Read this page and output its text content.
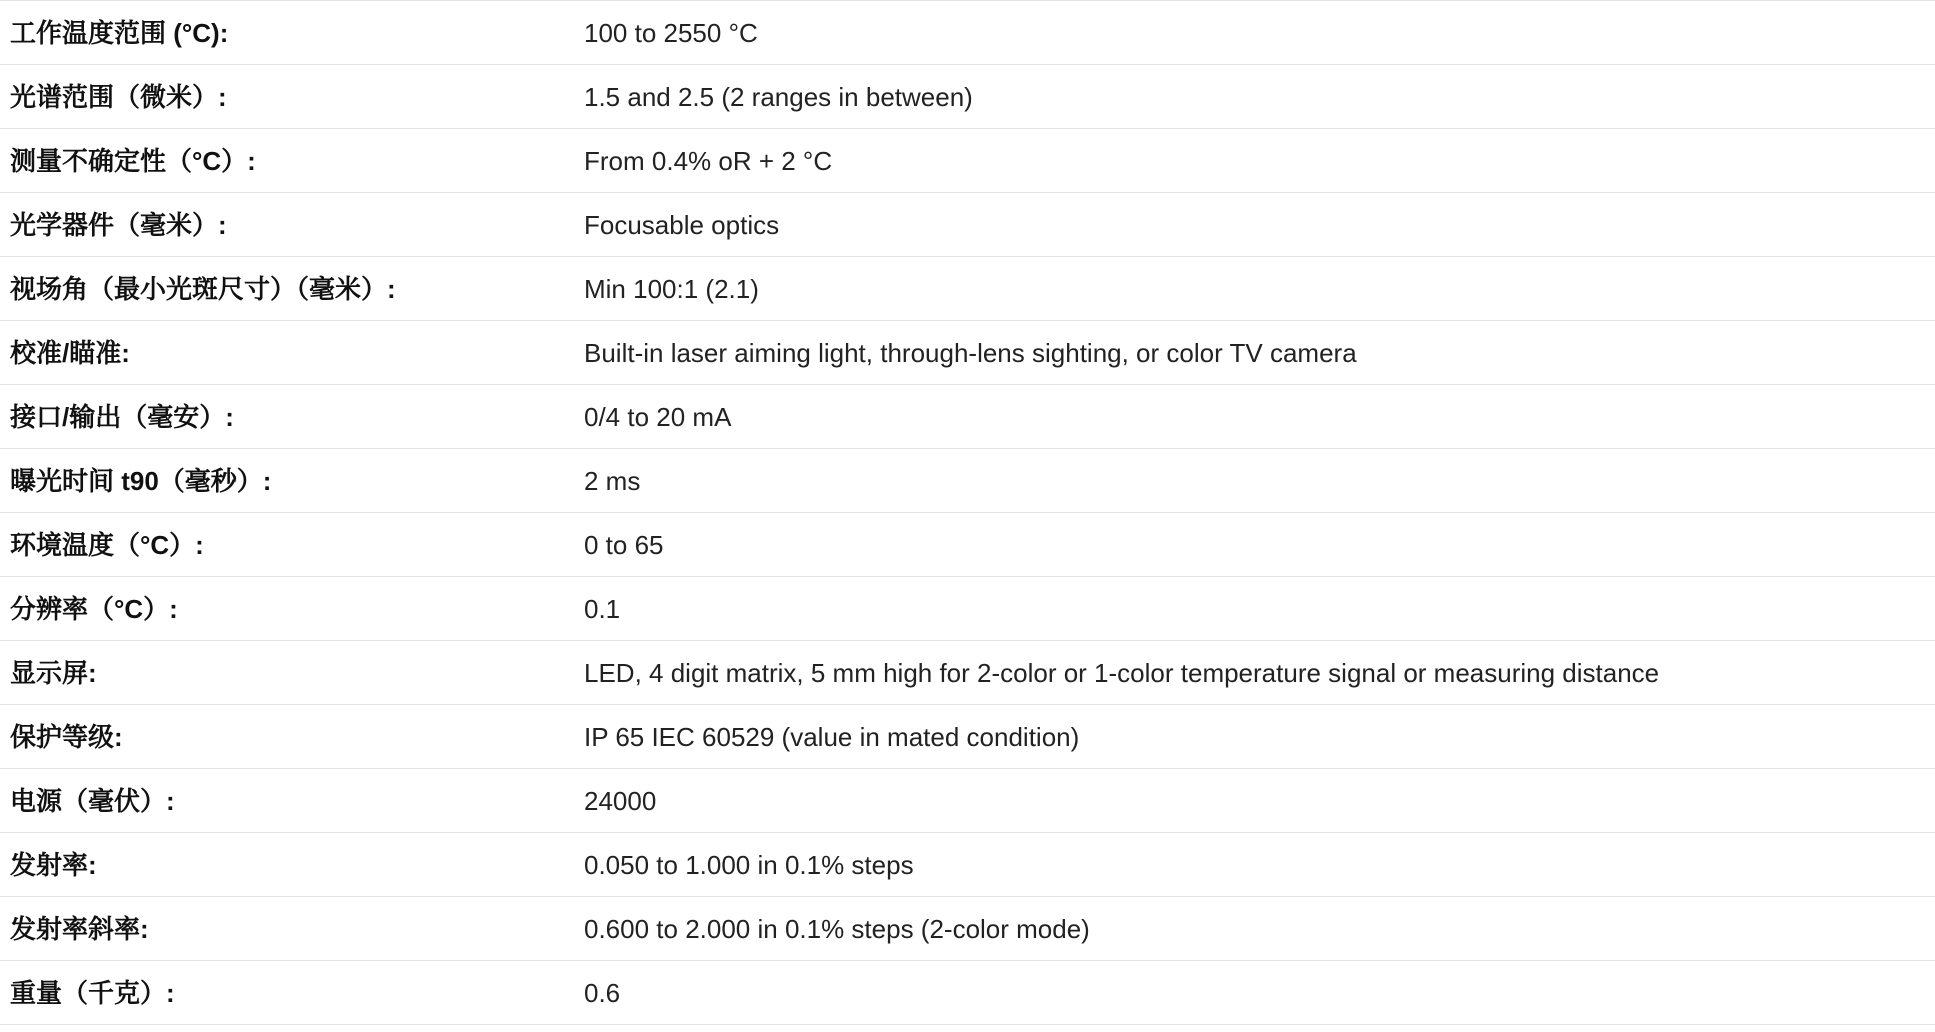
工作温度范围 (°C):	100 to 2550 °C
光谱范围（微米）:	1.5 and 2.5 (2 ranges in between)
测量不确定性（°C）:	From 0.4% oR + 2 °C
光学器件（毫米）:	Focusable optics
视场角（最小光斑尺寸）（毫米）:	Min 100:1 (2.1)
校准/瞄准:	Built-in laser aiming light, through-lens sighting, or color TV camera
接口/输出（毫安）:	0/4 to 20 mA
曝光时间 t90（毫秒）:	2 ms
环境温度（°C）:	0 to 65
分辨率（°C）:	0.1
显示屏:	LED, 4 digit matrix, 5 mm high for 2-color or 1-color temperature signal or measuring distance
保护等级:	IP 65 IEC 60529 (value in mated condition)
电源（毫伏）:	24000
发射率:	0.050 to 1.000 in 0.1% steps
发射率斜率:	0.600 to 2.000 in 0.1% steps (2-color mode)
重量（千克）:	0.6
